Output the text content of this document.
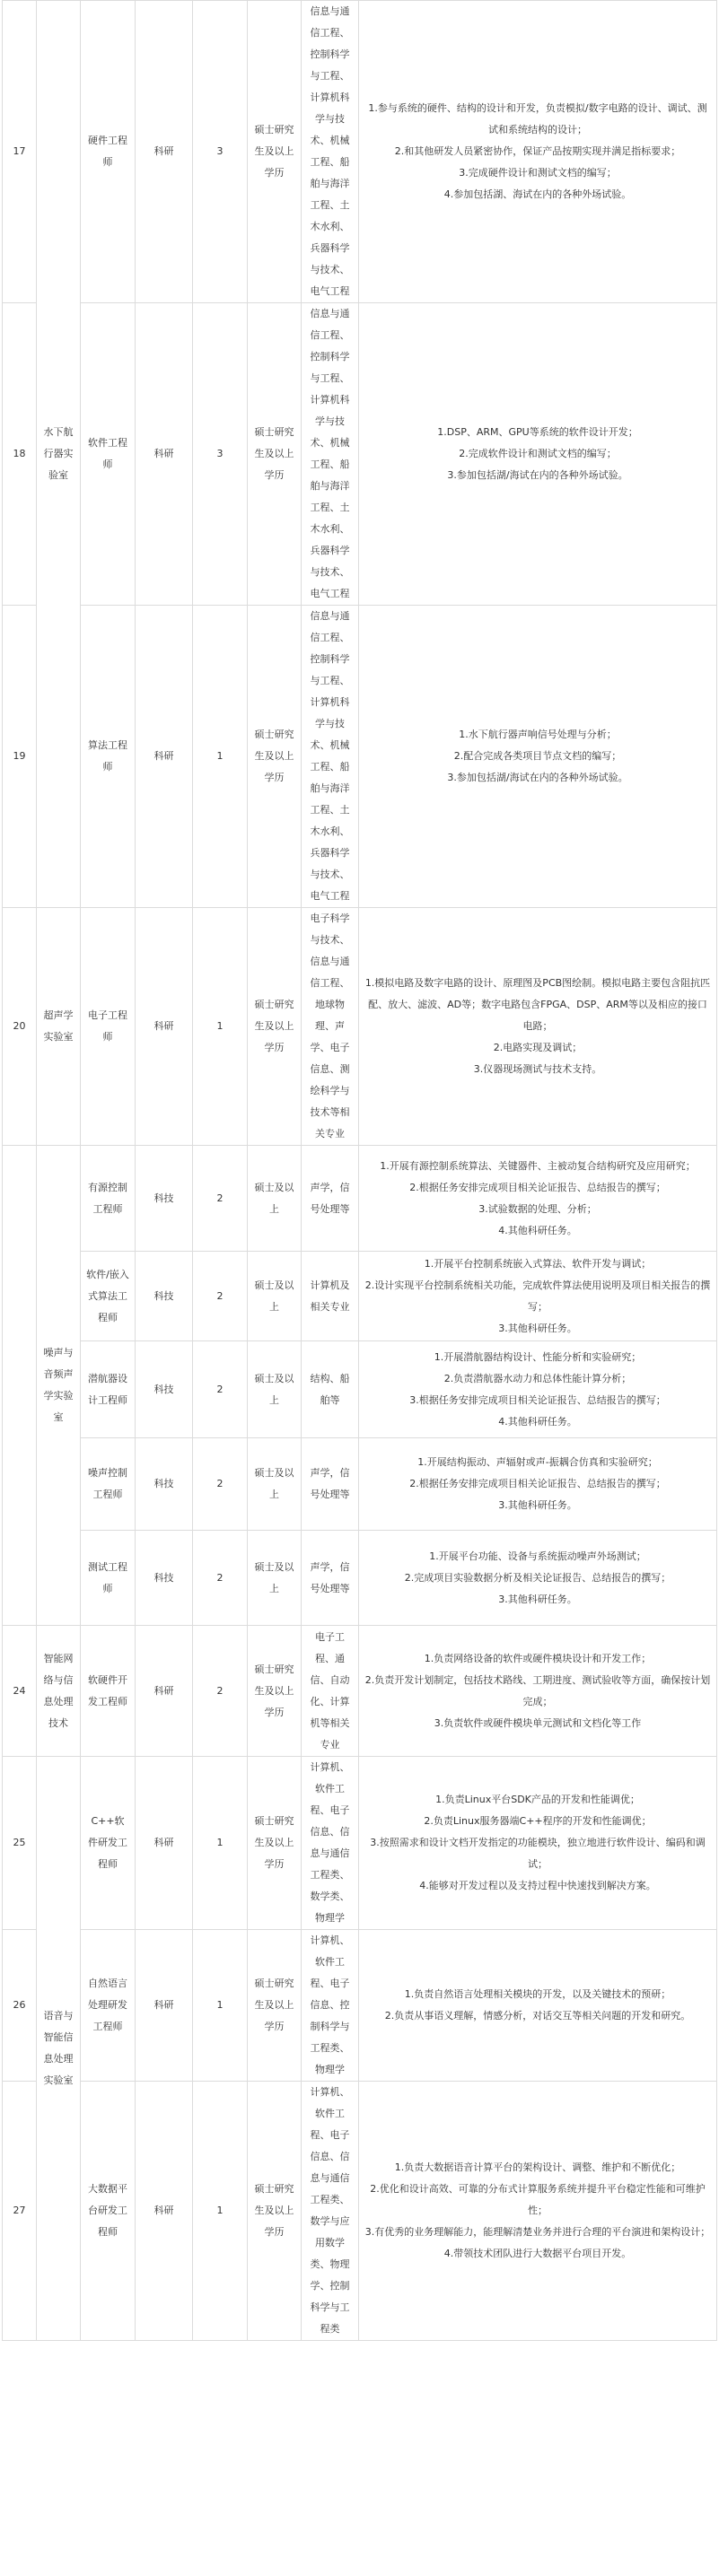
17	水下航行器实验室	硬件工程师	科研	3	硕士研究生及以上学历	信息与通信工程、控制科学与工程、计算机科学与技术、机械工程、船舶与海洋工程、土木水利、兵器科学与技术、电气工程	1.参与系统的硬件、结构的设计和开发，负责模拟/数字电路的设计、调试、测试和系统结构的设计；
2.和其他研发人员紧密协作，保证产品按期实现并满足指标要求；
3.完成硬件设计和测试文档的编写；
4.参加包括湖、海试在内的各种外场试验。

18		软件工程师	科研	3	硕士研究生及以上学历	信息与通信工程、控制科学与工程、计算机科学与技术、机械工程、船舶与海洋工程、土木水利、兵器科学与技术、电气工程	1.DSP、ARM、GPU等系统的软件设计开发；
2.完成软件设计和测试文档的编写；
3.参加包括湖/海试在内的各种外场试验。

19		算法工程师	科研	1	硕士研究生及以上学历	信息与通信工程、控制科学与工程、计算机科学与技术、机械工程、船舶与海洋工程、土木水利、兵器科学与技术、电气工程	1.水下航行器声响信号处理与分析；
2.配合完成各类项目节点文档的编写；
3.参加包括湖/海试在内的各种外场试验。

20	超声学实验室	电子工程师	科研	1	硕士研究生及以上学历	电子科学与技术、信息与通信工程、地球物理、声学、电子信息、测绘科学与技术等相关专业	1.模拟电路及数字电路的设计、原理图及PCB图绘制。模拟电路主要包含阻抗匹配、放大、滤波、AD等；数字电路包含FPGA、DSP、ARM等以及相应的接口电路；
2.电路实现及调试；
3.仪器现场测试与技术支持。

	噪声与音频声学实验室	有源控制工程师	科技	2	硕士及以上	声学，信号处理等	1.开展有源控制系统算法、关键器件、主被动复合结构研究及应用研究；
2.根据任务安排完成项目相关论证报告、总结报告的撰写；
3.试验数据的处理、分析；
4.其他科研任务。

		软件/嵌入式算法工程师	科技	2	硕士及以上	计算机及相关专业	1.开展平台控制系统嵌入式算法、软件开发与调试；
2.设计实现平台控制系统相关功能，完成软件算法使用说明及项目相关报告的撰写；
3.其他科研任务。

		潜航器设计工程师	科技	2	硕士及以上	结构、船舶等	1.开展潜航器结构设计、性能分析和实验研究；
2.负责潜航器水动力和总体性能计算分析；
3.根据任务安排完成项目相关论证报告、总结报告的撰写；
4.其他科研任务。

		噪声控制工程师	科技	2	硕士及以上	声学，信号处理等	1.开展结构振动、声辐射或声-振耦合仿真和实验研究；
2.根据任务安排完成项目相关论证报告、总结报告的撰写；
3.其他科研任务。

		测试工程师	科技	2	硕士及以上	声学，信号处理等	1.开展平台功能、设备与系统振动噪声外场测试；
2.完成项目实验数据分析及相关论证报告、总结报告的撰写；
3.其他科研任务。

24	智能网络与信息处理技术	软硬件开发工程师	科研	2	硕士研究生及以上学历	电子工程、通信、自动化、计算机等相关专业	1.负责网络设备的软件或硬件模块设计和开发工作；
2.负责开发计划制定，包括技术路线、工期进度、测试验收等方面，确保按计划完成；
3.负责软件或硬件模块单元测试和文档化等工作

25	语音与智能信息处理实验室	C++软件研发工程师	科研	1	硕士研究生及以上学历	计算机、软件工程、电子信息、信息与通信工程类、数学类、物理学	1.负责Linux平台SDK产品的开发和性能调优；
2.负责Linux服务器端C++程序的开发和性能调优；
3.按照需求和设计文档开发指定的功能模块，独立地进行软件设计、编码和调试；
4.能够对开发过程以及支持过程中快速找到解决方案。

26		自然语言处理研发工程师	科研	1	硕士研究生及以上学历	计算机、软件工程、电子信息、控制科学与工程类、物理学	1.负责自然语言处理相关模块的开发，以及关键技术的预研；
2.负责从事语义理解，情感分析，对话交互等相关问题的开发和研究。

27		大数据平台研发工程师	科研	1	硕士研究生及以上学历	计算机、软件工程、电子信息、信息与通信工程类、数学与应用数学类、物理学、控制科学与工程类	1.负责大数据语音计算平台的架构设计、调整、维护和不断优化；
2.优化和设计高效、可靠的分布式计算服务系统并提升平台稳定性能和可维护性；
3.有优秀的业务理解能力，能理解清楚业务并进行合理的平台演进和架构设计；
4.带领技术团队进行大数据平台项目开发。
